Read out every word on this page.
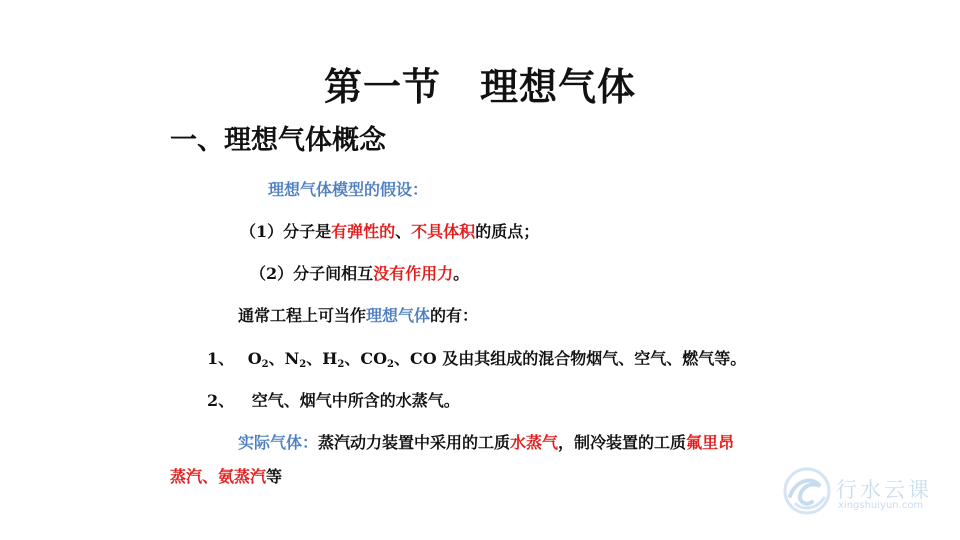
第一节　理想气体
一、理想气体概念
理想气体模型的假设：
（1）分子是有弹性的、不具体积的质点；
（2）分子间相互没有作用力。
通常工程上可当作理想气体的有：
1、 $O_2$、$N_2$、$H_2$、$CO_2$、CO 及由其组成的混合物烟气、空气、燃气等。
2、 空气、烟气中所含的水蒸气。
实际气体：蒸汽动力装置中采用的工质水蒸气，制冷装置的工质氟里昂
蒸汽、氨蒸汽等
行水云课
xingshuiyun.com
